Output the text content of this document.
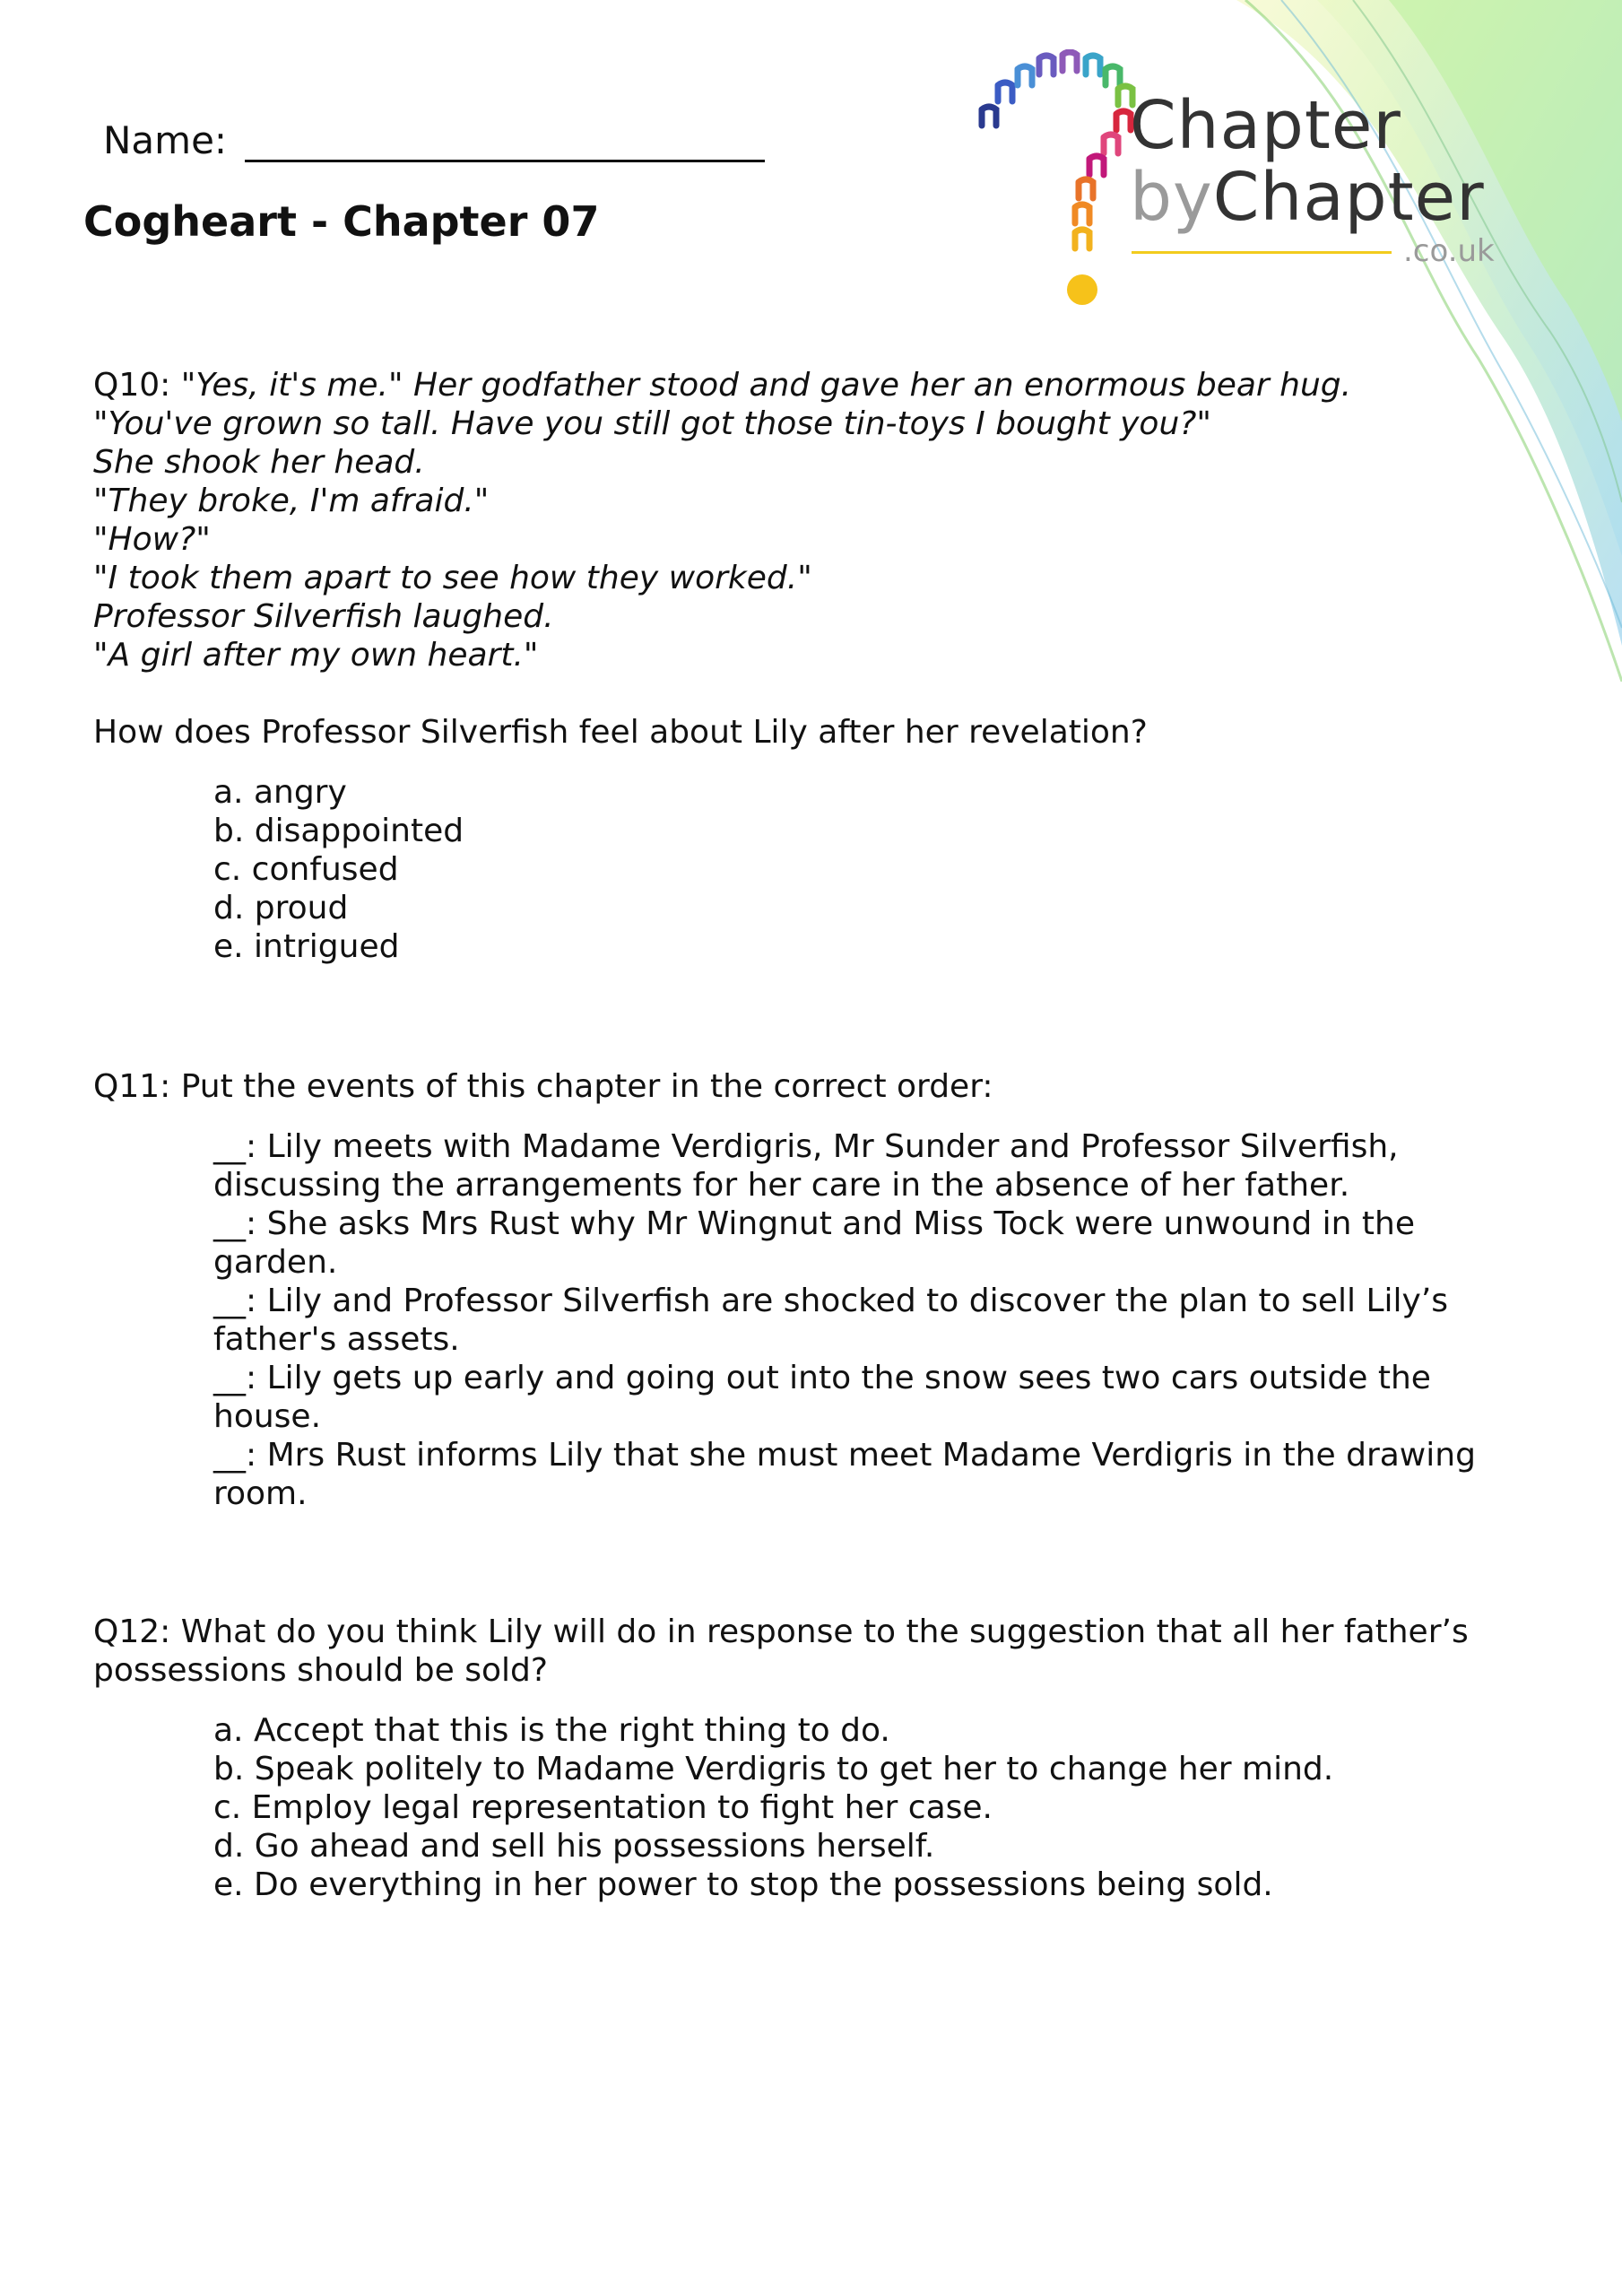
Chapter
byChapter
.co.uk
Name:
Cogheart - Chapter 07
Q10: "Yes, it's me." Her godfather stood and gave her an enormous bear hug.
"You've grown so tall. Have you still got those tin-toys I bought you?"
She shook her head.
"They broke, I'm afraid."
"How?"
"I took them apart to see how they worked."
Professor Silverfish laughed.
"A girl after my own heart."
How does Professor Silverfish feel about Lily after her revelation?
a. angry
b. disappointed
c. confused
d. proud
e. intrigued
Q11: Put the events of this chapter in the correct order:
__: Lily meets with Madame Verdigris, Mr Sunder and Professor Silverfish, discussing the arrangements for her care in the absence of her father.
__: She asks Mrs Rust why Mr Wingnut and Miss Tock were unwound in the garden.
__: Lily and Professor Silverfish are shocked to discover the plan to sell Lily’s father's assets.
__: Lily gets up early and going out into the snow sees two cars outside the house.
__: Mrs Rust informs Lily that she must meet Madame Verdigris in the drawing room.
Q12: What do you think Lily will do in response to the suggestion that all her father’s possessions should be sold?
a. Accept that this is the right thing to do.
b. Speak politely to Madame Verdigris to get her to change her mind.
c. Employ legal representation to fight her case.
d. Go ahead and sell his possessions herself.
e. Do everything in her power to stop the possessions being sold.
